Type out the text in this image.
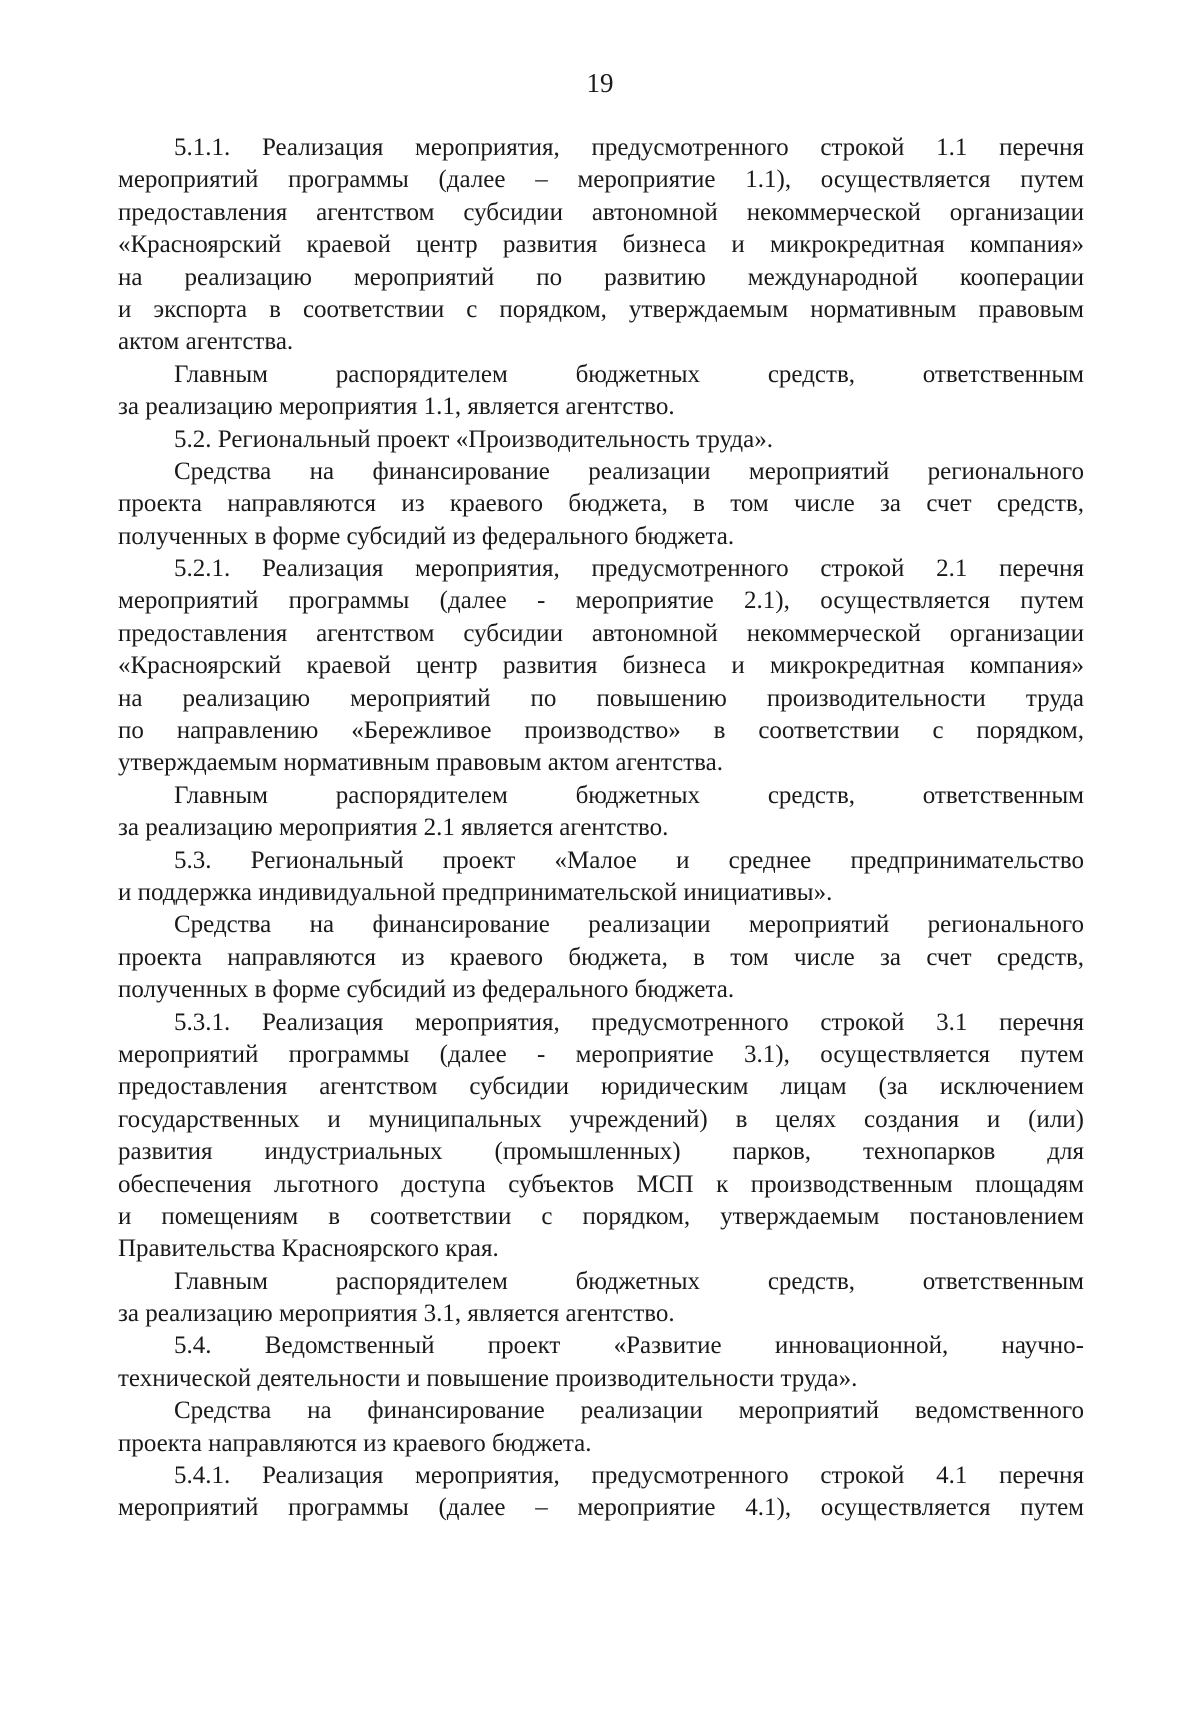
19
5.1.1. Реализация мероприятия, предусмотренного строкой 1.1 перечня
мероприятий программы (далее – мероприятие 1.1), осуществляется путем
предоставления агентством субсидии автономной некоммерческой организации
«Красноярский краевой центр развития бизнеса и микрокредитная компания»
на реализацию мероприятий по развитию международной кооперации
и экспорта в соответствии с порядком, утверждаемым нормативным правовым
актом агентства.
Главным распорядителем бюджетных средств, ответственным
за реализацию мероприятия 1.1, является агентство.
5.2. Региональный проект «Производительность труда».
Средства на финансирование реализации мероприятий регионального
проекта направляются из краевого бюджета, в том числе за счет средств,
полученных в форме субсидий из федерального бюджета.
5.2.1. Реализация мероприятия, предусмотренного строкой 2.1 перечня
мероприятий программы (далее - мероприятие 2.1), осуществляется путем
предоставления агентством субсидии автономной некоммерческой организации
«Красноярский краевой центр развития бизнеса и микрокредитная компания»
на реализацию мероприятий по повышению производительности труда
по направлению «Бережливое производство» в соответствии с порядком,
утверждаемым нормативным правовым актом агентства.
Главным распорядителем бюджетных средств, ответственным
за реализацию мероприятия 2.1 является агентство.
5.3. Региональный проект «Малое и среднее предпринимательство
и поддержка индивидуальной предпринимательской инициативы».
Средства на финансирование реализации мероприятий регионального
проекта направляются из краевого бюджета, в том числе за счет средств,
полученных в форме субсидий из федерального бюджета.
5.3.1. Реализация мероприятия, предусмотренного строкой 3.1 перечня
мероприятий программы (далее - мероприятие 3.1), осуществляется путем
предоставления агентством субсидии юридическим лицам (за исключением
государственных и муниципальных учреждений) в целях создания и (или)
развития индустриальных (промышленных) парков, технопарков для
обеспечения льготного доступа субъектов МСП к производственным площадям
и помещениям в соответствии с порядком, утверждаемым постановлением
Правительства Красноярского края.
Главным распорядителем бюджетных средств, ответственным
за реализацию мероприятия 3.1, является агентство.
5.4. Ведомственный проект «Развитие инновационной, научно-
технической деятельности и повышение производительности труда».
Средства на финансирование реализации мероприятий ведомственного
проекта направляются из краевого бюджета.
5.4.1. Реализация мероприятия, предусмотренного строкой 4.1 перечня
мероприятий программы (далее – мероприятие 4.1), осуществляется путем
